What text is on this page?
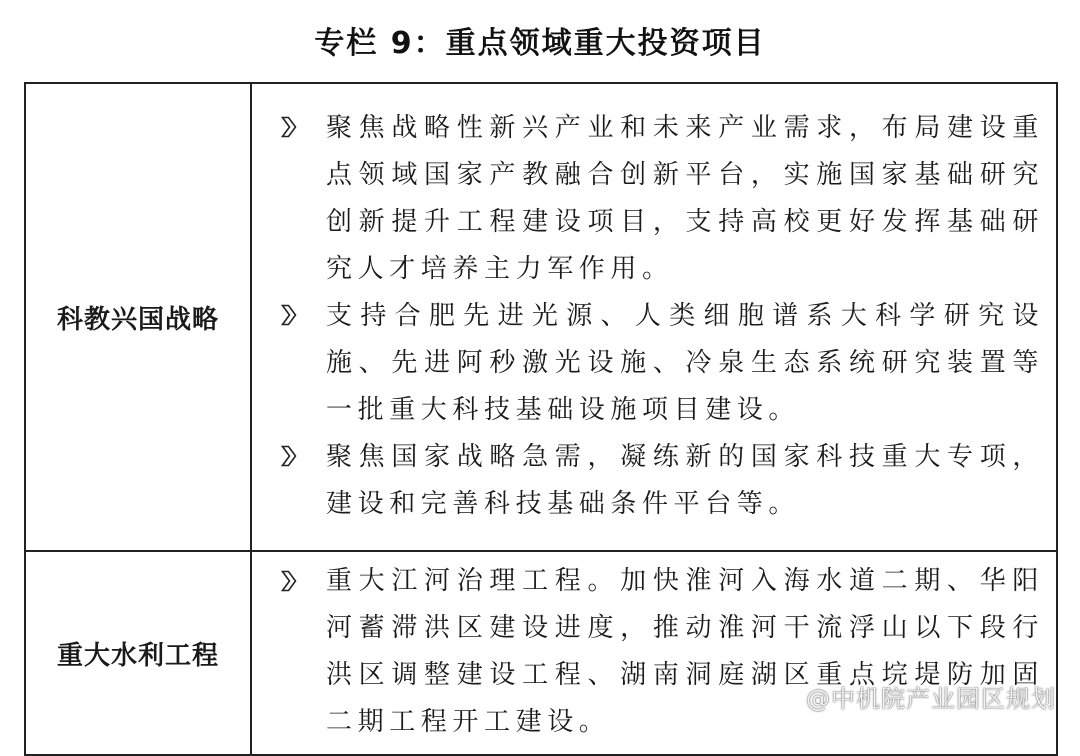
专栏 9：重点领域重大投资项目
科教兴国战略	聚焦战略性新兴产业和未来产业需求，布局建设重点领域国家产教融合创新平台，实施国家基础研究创新提升工程建设项目，支持高校更好发挥基础研究人才培养主力军作用。
支持合肥先进光源、人类细胞谱系大科学研究设施、先进阿秒激光设施、冷泉生态系统研究装置等一批重大科技基础设施项目建设。
聚焦国家战略急需，凝练新的国家科技重大专项，建设和完善科技基础条件平台等。

重大水利工程	重大江河治理工程。加快淮河入海水道二期、华阳河蓄滞洪区建设进度，推动淮河干流浮山以下段行洪区调整建设工程、湖南洞庭湖区重点垸堤防加固二期工程开工建设。
@中机院产业园区规划
